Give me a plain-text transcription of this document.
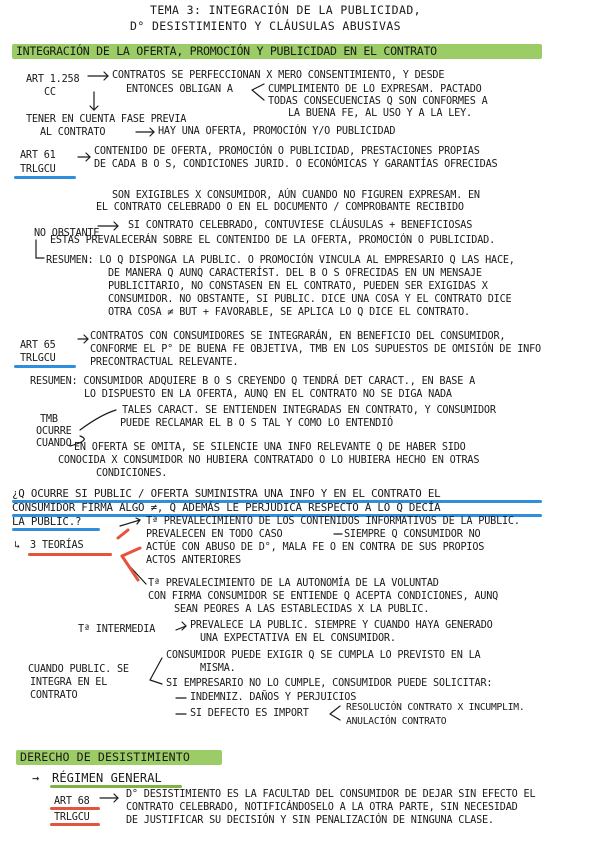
TEMA 3: INTEGRACIÓN DE LA PUBLICIDAD,
D° DESISTIMIENTO Y CLÁUSULAS ABUSIVAS
INTEGRACIÓN DE LA OFERTA, PROMOCIÓN Y PUBLICIDAD EN EL CONTRATO
ART 1.258
CC
CONTRATOS SE PERFECCIONAN X MERO CONSENTIMIENTO, Y DESDE
ENTONCES OBLIGAN A	CUMPLIMIENTO DE LO EXPRESAM. PACTADO
TODAS CONSECUENCIAS Q SON CONFORMES A
LA BUENA FE, AL USO Y A LA LEY.
TENER EN CUENTA FASE PREVIA
AL CONTRATO	HAY UNA OFERTA, PROMOCIÓN Y/O PUBLICIDAD
ART 61
TRLGCU
CONTENIDO DE OFERTA, PROMOCIÓN O PUBLICIDAD, PRESTACIONES PROPIAS
DE CADA B O S, CONDICIONES JURID. O ECONÓMICAS Y GARANTÍAS OFRECIDAS
SON EXIGIBLES X CONSUMIDOR, AÚN CUANDO NO FIGUREN EXPRESAM. EN
EL CONTRATO CELEBRADO O EN EL DOCUMENTO / COMPROBANTE RECIBIDO
NO OBSTANTE
SI CONTRATO CELEBRADO, CONTUVIESE CLÁUSULAS + BENEFICIOSAS
ESTAS PREVALECERÁN SOBRE EL CONTENIDO DE LA OFERTA, PROMOCIÓN O PUBLICIDAD.
RESUMEN: LO Q DISPONGA LA PUBLIC. O PROMOCIÓN VINCULA AL EMPRESARIO Q LAS HACE,
DE MANERA Q AUNQ CARACTERÍST. DEL B O S OFRECIDAS EN UN MENSAJE
PUBLICITARIO, NO CONSTASEN EN EL CONTRATO, PUEDEN SER EXIGIDAS X
CONSUMIDOR. NO OBSTANTE, SI PUBLIC. DICE UNA COSA Y EL CONTRATO DICE
OTRA COSA ≠ BUT + FAVORABLE, SE APLICA LO Q DICE EL CONTRATO.
ART 65
TRLGCU
CONTRATOS CON CONSUMIDORES SE INTEGRARÁN, EN BENEFICIO DEL CONSUMIDOR,
CONFORME EL P° DE BUENA FE OBJETIVA, TMB EN LOS SUPUESTOS DE OMISIÓN DE INFO
PRECONTRACTUAL RELEVANTE.
RESUMEN: CONSUMIDOR ADQUIERE B O S CREYENDO Q TENDRÁ DET CARACT., EN BASE A
LO DISPUESTO EN LA OFERTA, AUNQ EN EL CONTRATO NO SE DIGA NADA
TMB
OCURRE
CUANDO
TALES CARACT. SE ENTIENDEN INTEGRADAS EN CONTRATO, Y CONSUMIDOR
PUEDE RECLAMAR EL B O S TAL Y COMO LO ENTENDIÓ
EN OFERTA SE OMITA, SE SILENCIE UNA INFO RELEVANTE Q DE HABER SIDO
CONOCIDA X CONSUMIDOR NO HUBIERA CONTRATADO O LO HUBIERA HECHO EN OTRAS
CONDICIONES.
¿Q OCURRE SI PUBLIC / OFERTA SUMINISTRA UNA INFO Y EN EL CONTRATO EL
CONSUMIDOR FIRMA ALGO ≠, Q ADEMÁS LE PERJUDICA RESPECTO A LO Q DECÍA
LA PUBLIC.?
↳ 3 TEORÍAS
Tª PREVALECIMIENTO DE LOS CONTENIDOS INFORMATIVOS DE LA PUBLIC.
PREVALECEN EN TODO CASO	SIEMPRE Q CONSUMIDOR NO
ACTÚE CON ABUSO DE D°, MALA FE O EN CONTRA DE SUS PROPIOS
ACTOS ANTERIORES
Tª PREVALECIMIENTO DE LA AUTONOMÍA DE LA VOLUNTAD
CON FIRMA CONSUMIDOR SE ENTIENDE Q ACEPTA CONDICIONES, AUNQ
SEAN PEORES A LAS ESTABLECIDAS X LA PUBLIC.
Tª INTERMEDIA	PREVALECE LA PUBLIC. SIEMPRE Y CUANDO HAYA GENERADO
UNA EXPECTATIVA EN EL CONSUMIDOR.
CUANDO PUBLIC. SE
INTEGRA EN EL
CONTRATO
CONSUMIDOR PUEDE EXIGIR Q SE CUMPLA LO PREVISTO EN LA
MISMA.
SI EMPRESARIO NO LO CUMPLE, CONSUMIDOR PUEDE SOLICITAR:
INDEMNIZ. DAÑOS Y PERJUICIOS
SI DEFECTO ES IMPORT
RESOLUCIÓN CONTRATO X INCUMPLIM.
ANULACIÓN CONTRATO
DERECHO DE DESISTIMIENTO
→ RÉGIMEN GENERAL
ART 68
TRLGCU
D° DESISTIMIENTO ES LA FACULTAD DEL CONSUMIDOR DE DEJAR SIN EFECTO EL
CONTRATO CELEBRADO, NOTIFICÁNDOSELO A LA OTRA PARTE, SIN NECESIDAD
DE JUSTIFICAR SU DECISIÓN Y SIN PENALIZACIÓN DE NINGUNA CLASE.
